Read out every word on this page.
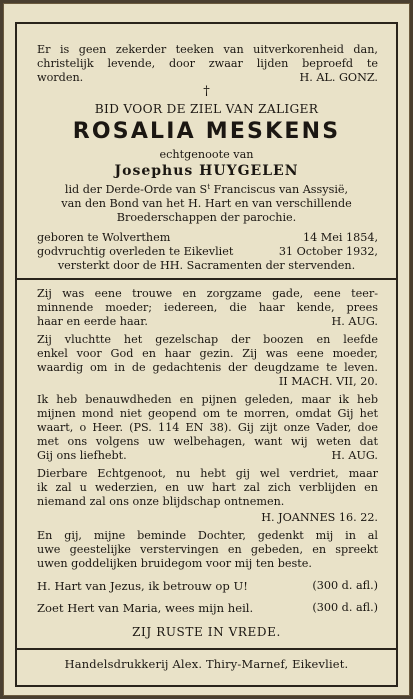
Er is geen zekerder teeken van uitverkorenheid dan,
christelijk levende, door zwaar lijden beproefd te
worden.	H. AL. GONZ.
†
BID VOOR DE ZIEL VAN ZALIGER
ROSALIA MESKENS
echtgenoote van
Josephus HUYGELEN
lid der Derde-Orde van $S^t$ Franciscus van Assysië,
van den Bond van het H. Hart en van verschillende
Broederschappen der parochie.
geboren te Wolverthem	14 Mei 1854,
godvruchtig overleden te Eikevliet	31 October 1932,
versterkt door de HH. Sacramenten der stervenden.
Zij was eene trouwe en zorgzame gade, eene teer-
minnende moeder; iedereen, die haar kende, prees
haar en eerde haar.	H. AUG.
Zij vluchtte het gezelschap der boozen en leefde
enkel voor God en haar gezin. Zij was eene moeder,
waardig om in de gedachtenis der deugdzame te leven.
II MACH. VII, 20.
Ik heb benauwdheden en pijnen geleden, maar ik heb
mijnen mond niet geopend om te morren, omdat Gij het
waart, o Heer. (PS. 114 EN 38). Gij zijt onze Vader, doe
met ons volgens uw welbehagen, want wij weten dat
Gij ons liefhebt.	H. AUG.
Dierbare Echtgenoot, nu hebt gij wel verdriet, maar
ik zal u wederzien, en uw hart zal zich verblijden en
niemand zal ons onze blijdschap ontnemen.
H. JOANNES 16. 22.
En gij, mijne beminde Dochter, gedenkt mij in al
uwe geestelijke verstervingen en gebeden, en spreekt
uwen goddelijken bruidegom voor mij ten beste.
H. Hart van Jezus, ik betrouw op U!	(300 d. afl.)
Zoet Hert van Maria, wees mijn heil.	(300 d. afl.)
ZIJ RUSTE IN VREDE.
Handelsdrukkerij Alex. Thiry-Marnef, Eikevliet.
